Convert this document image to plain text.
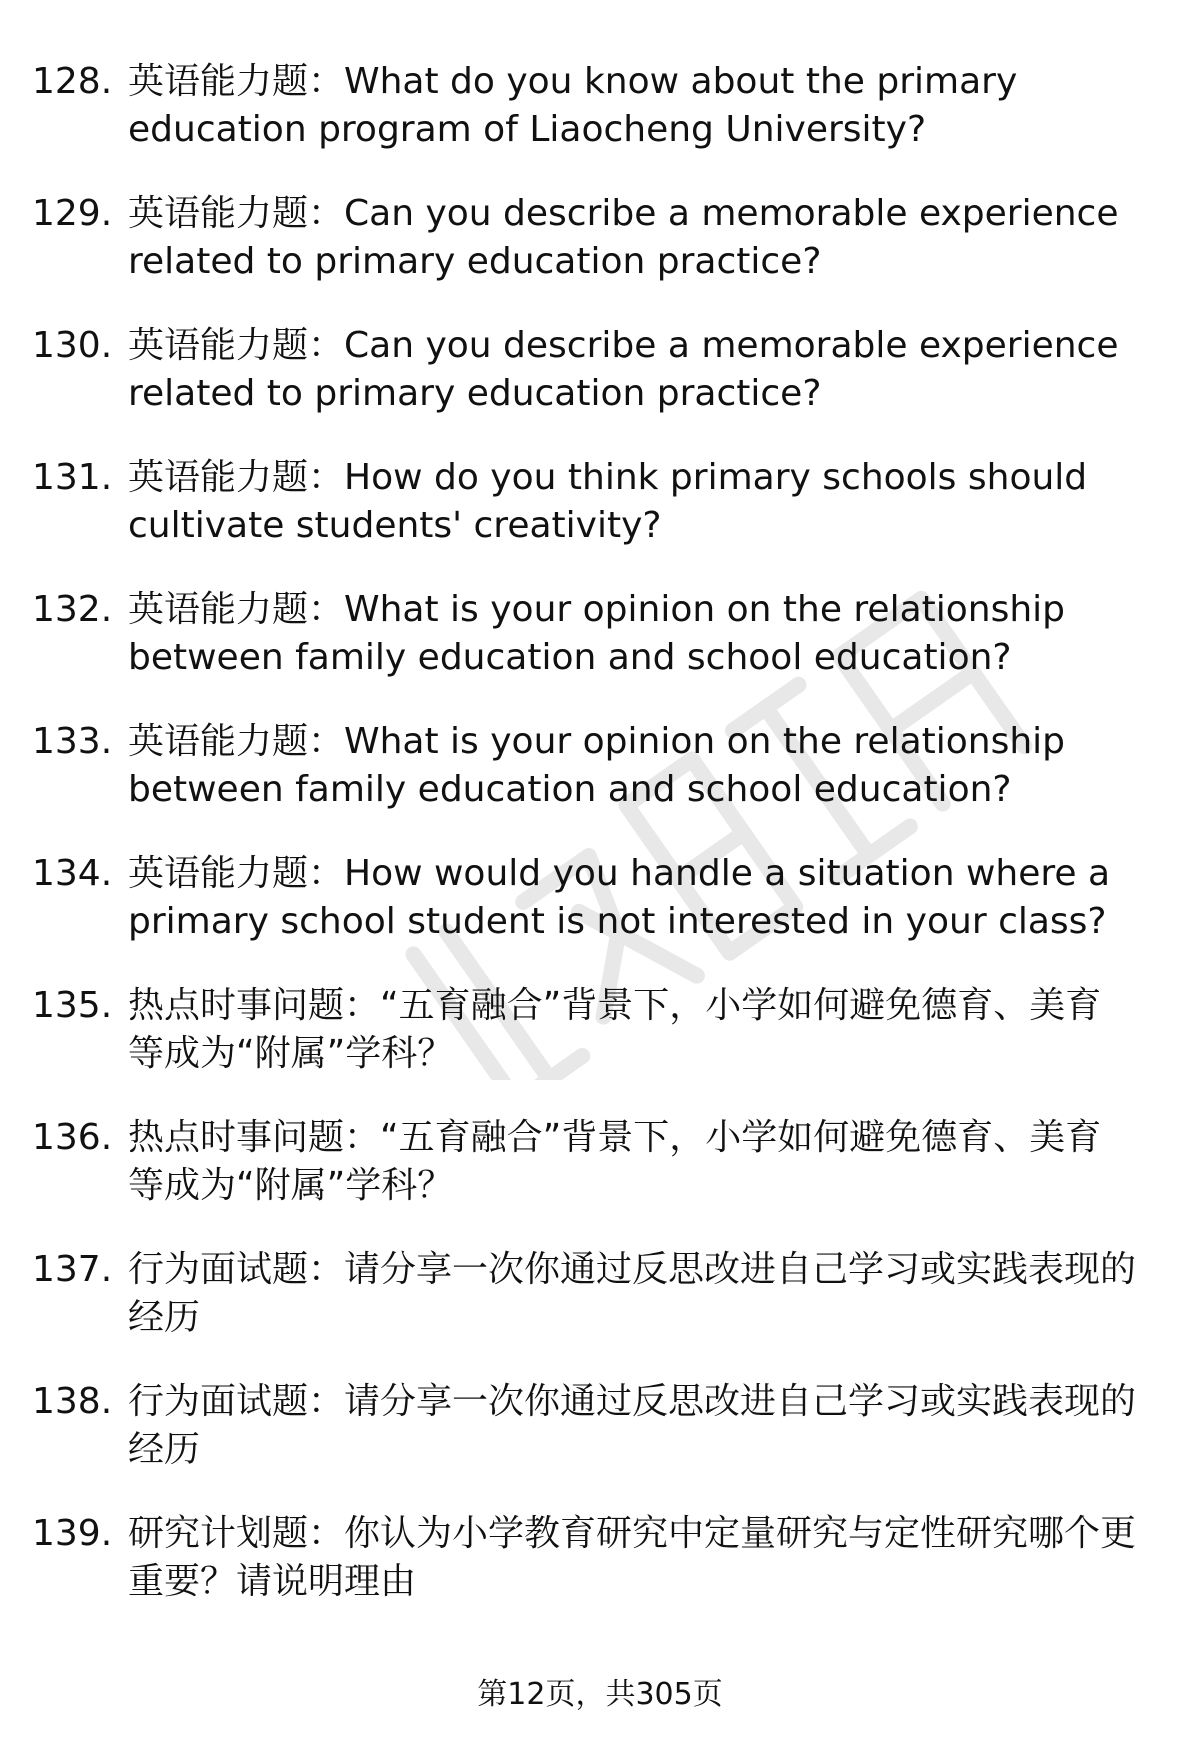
128. 英语能力题：What do you know about the primary
education program of Liaocheng University?
129. 英语能力题：Can you describe a memorable experience
related to primary education practice?
130. 英语能力题：Can you describe a memorable experience
related to primary education practice?
131. 英语能力题：How do you think primary schools should
cultivate students' creativity?
132. 英语能力题：What is your opinion on the relationship
between family education and school education?
133. 英语能力题：What is your opinion on the relationship
between family education and school education?
134. 英语能力题：How would you handle a situation where a
primary school student is not interested in your class?
135. 热点时事问题：“五育融合”背景下，小学如何避免德育、美育
等成为“附属”学科？
136. 热点时事问题：“五育融合”背景下，小学如何避免德育、美育
等成为“附属”学科？
137. 行为面试题：请分享一次你通过反思改进自己学习或实践表现的
经历
138. 行为面试题：请分享一次你通过反思改进自己学习或实践表现的
经历
139. 研究计划题：你认为小学教育研究中定量研究与定性研究哪个更
重要？请说明理由
第12页，共305页
